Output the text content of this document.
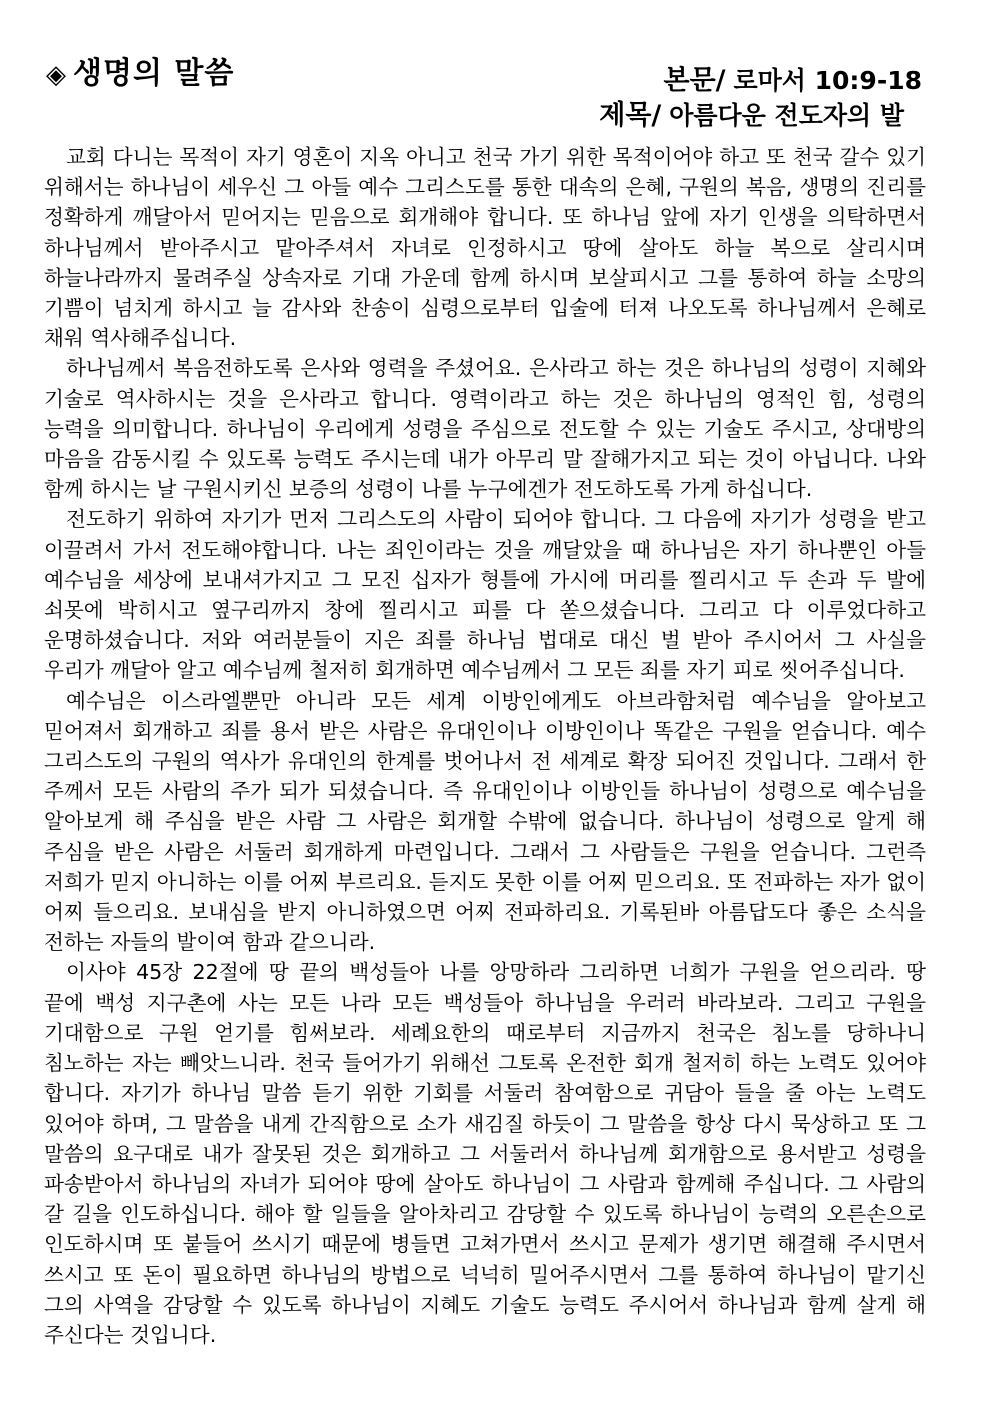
◈ 생명의 말씀	본문/ 로마서 10:9-18
제목/ 아름다운 전도자의 발

교회 다니는 목적이 자기 영혼이 지옥 아니고 천국 가기 위한 목적이어야 하고 또 천국 갈수 있기 위해서는 하나님이 세우신 그 아들 예수 그리스도를 통한 대속의 은혜, 구원의 복음, 생명의 진리를 정확하게 깨달아서 믿어지는 믿음으로 회개해야 합니다. 또 하나님 앞에 자기 인생을 의탁하면서 하나님께서 받아주시고 맡아주셔서 자녀로 인정하시고 땅에 살아도 하늘 복으로 살리시며 하늘나라까지 물려주실 상속자로 기대 가운데 함께 하시며 보살피시고 그를 통하여 하늘 소망의 기쁨이 넘치게 하시고 늘 감사와 찬송이 심령으로부터 입술에 터져 나오도록 하나님께서 은혜로 채워 역사해주십니다.

하나님께서 복음전하도록 은사와 영력을 주셨어요. 은사라고 하는 것은 하나님의 성령이 지혜와 기술로 역사하시는 것을 은사라고 합니다. 영력이라고 하는 것은 하나님의 영적인 힘, 성령의 능력을 의미합니다. 하나님이 우리에게 성령을 주심으로 전도할 수 있는 기술도 주시고, 상대방의 마음을 감동시킬 수 있도록 능력도 주시는데 내가 아무리 말 잘해가지고 되는 것이 아닙니다. 나와 함께 하시는 날 구원시키신 보증의 성령이 나를 누구에겐가 전도하도록 가게 하십니다.

전도하기 위하여 자기가 먼저 그리스도의 사람이 되어야 합니다. 그 다음에 자기가 성령을 받고 이끌려서 가서 전도해야합니다. 나는 죄인이라는 것을 깨달았을 때 하나님은 자기 하나뿐인 아들 예수님을 세상에 보내셔가지고 그 모진 십자가 형틀에 가시에 머리를 찔리시고 두 손과 두 발에 쇠못에 박히시고 옆구리까지 창에 찔리시고 피를 다 쏟으셨습니다. 그리고 다 이루었다하고 운명하셨습니다. 저와 여러분들이 지은 죄를 하나님 법대로 대신 벌 받아 주시어서 그 사실을 우리가 깨달아 알고 예수님께 철저히 회개하면 예수님께서 그 모든 죄를 자기 피로 씻어주십니다.

예수님은 이스라엘뿐만 아니라 모든 세계 이방인에게도 아브라함처럼 예수님을 알아보고 믿어져서 회개하고 죄를 용서 받은 사람은 유대인이나 이방인이나 똑같은 구원을 얻습니다. 예수 그리스도의 구원의 역사가 유대인의 한계를 벗어나서 전 세계로 확장 되어진 것입니다. 그래서 한 주께서 모든 사람의 주가 되가 되셨습니다. 즉 유대인이나 이방인들 하나님이 성령으로 예수님을 알아보게 해 주심을 받은 사람 그 사람은 회개할 수밖에 없습니다. 하나님이 성령으로 알게 해 주심을 받은 사람은 서둘러 회개하게 마련입니다. 그래서 그 사람들은 구원을 얻습니다. 그런즉 저희가 믿지 아니하는 이를 어찌 부르리요. 듣지도 못한 이를 어찌 믿으리요. 또 전파하는 자가 없이 어찌 들으리요. 보내심을 받지 아니하였으면 어찌 전파하리요. 기록된바 아름답도다 좋은 소식을 전하는 자들의 발이여 함과 같으니라.

이사야 45장 22절에 땅 끝의 백성들아 나를 앙망하라 그리하면 너희가 구원을 얻으리라. 땅 끝에 백성 지구촌에 사는 모든 나라 모든 백성들아 하나님을 우러러 바라보라. 그리고 구원을 기대함으로 구원 얻기를 힘써보라. 세례요한의 때로부터 지금까지 천국은 침노를 당하나니 침노하는 자는 빼앗느니라. 천국 들어가기 위해선 그토록 온전한 회개 철저히 하는 노력도 있어야 합니다. 자기가 하나님 말씀 듣기 위한 기회를 서둘러 참여함으로 귀담아 들을 줄 아는 노력도 있어야 하며, 그 말씀을 내게 간직함으로 소가 새김질 하듯이 그 말씀을 항상 다시 묵상하고 또 그 말씀의 요구대로 내가 잘못된 것은 회개하고 그 서둘러서 하나님께 회개함으로 용서받고 성령을 파송받아서 하나님의 자녀가 되어야 땅에 살아도 하나님이 그 사람과 함께해 주십니다. 그 사람의 갈 길을 인도하십니다. 해야 할 일들을 알아차리고 감당할 수 있도록 하나님이 능력의 오른손으로 인도하시며 또 붙들어 쓰시기 때문에 병들면 고쳐가면서 쓰시고 문제가 생기면 해결해 주시면서 쓰시고 또 돈이 필요하면 하나님의 방법으로 넉넉히 밀어주시면서 그를 통하여 하나님이 맡기신 그의 사역을 감당할 수 있도록 하나님이 지혜도 기술도 능력도 주시어서 하나님과 함께 살게 해 주신다는 것입니다.
